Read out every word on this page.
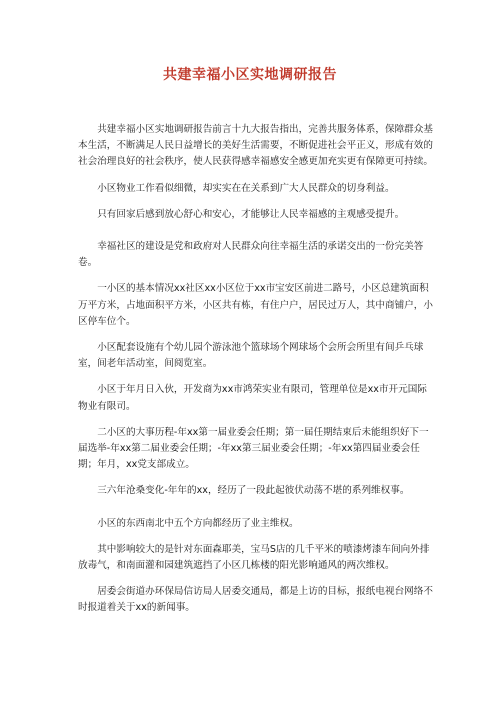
共建幸福小区实地调研报告

共建幸福小区实地调研报告前言十九大报告指出，完善共服务体系，保障群众基本生活，不断满足人民日益增长的美好生活需要，不断促进社会平正义，形成有效的社会治理良好的社会秩序，使人民获得感幸福感安全感更加充实更有保障更可持续。

小区物业工作看似细微，却实实在在关系到广大人民群众的切身利益。

只有回家后感到放心舒心和安心，才能够让人民幸福感的主观感受提升。

幸福社区的建设是党和政府对人民群众向往幸福生活的承诺交出的一份完美答卷。

一小区的基本情况xx社区xx小区位于xx市宝安区前进二路号，小区总建筑面积万平方米，占地面积平方米，小区共有栋，有住户户，居民过万人，其中商铺户，小区停车位个。

小区配套设施有个幼儿园个游泳池个篮球场个网球场个会所会所里有间乒乓球室，间老年活动室，间阅览室。

小区于年月日入伙，开发商为xx市鸿荣实业有限司，管理单位是xx市开元国际物业有限司。

二小区的大事历程-年xx第一届业委会任期；第一届任期结束后未能组织好下一届选举-年xx第二届业委会任期；-年xx第三届业委会任期；-年xx第四届业委会任期；年月，xx党支部成立。

三六年沧桑变化-年年的xx，经历了一段此起彼伏动荡不堪的系列维权事。

小区的东西南北中五个方向都经历了业主维权。

其中影响较大的是针对东面森耶美，宝马S店的几千平米的喷漆烤漆车间向外排放毒气，和南面灌和园建筑遮挡了小区几栋楼的阳光影响通风的两次维权。

居委会街道办环保局信访局人居委交通局，都是上访的目标，报纸电视台网络不时报道着关于xx的新闻事。
